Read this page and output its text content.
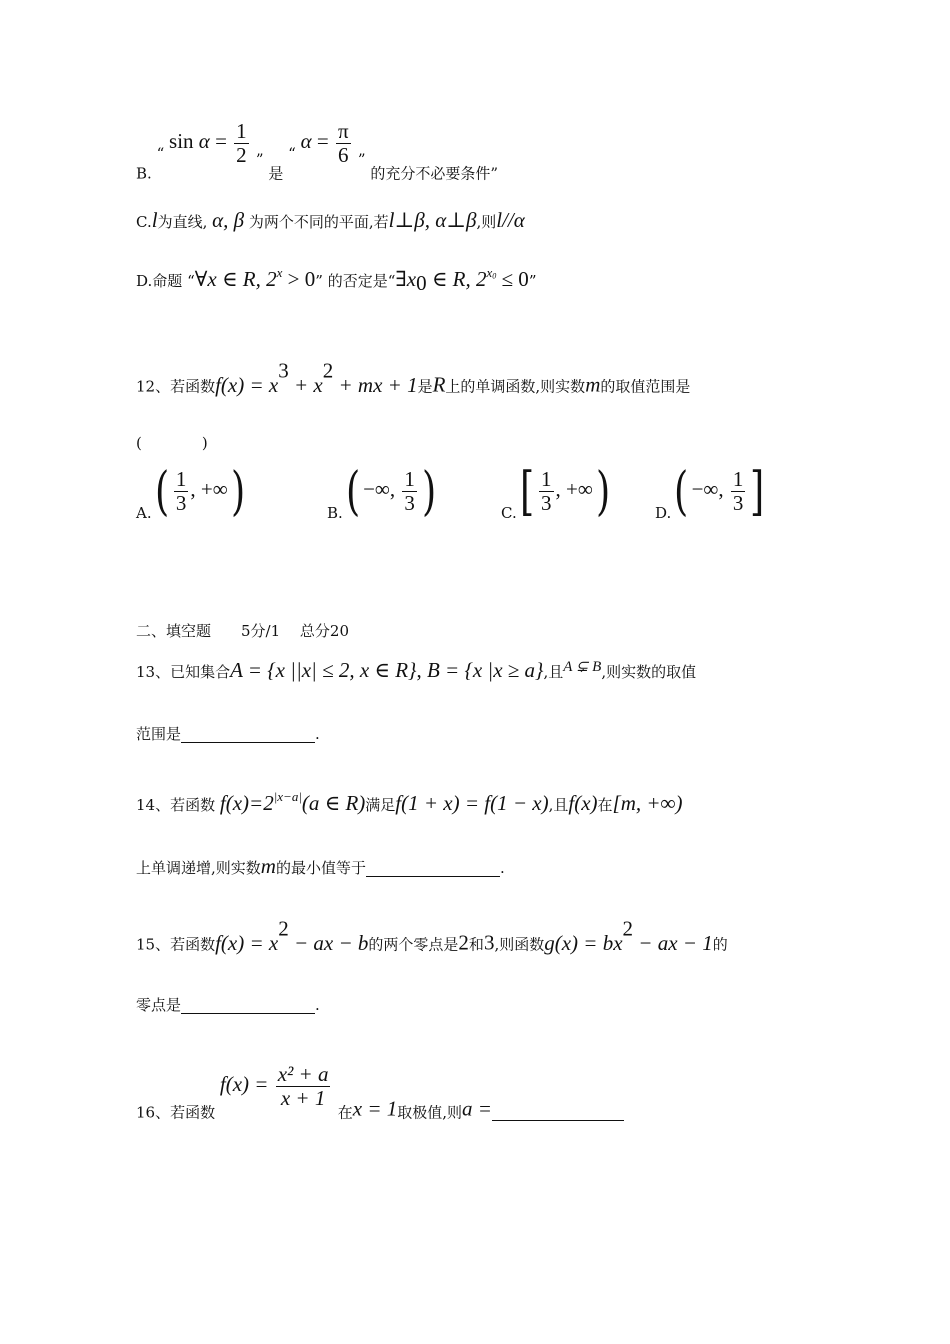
B. “ $\sin \alpha = \frac{1}{2}$ ” 是 “ $\alpha = \frac{\pi}{6}$ ” 的充分不必要条件”
C.l为直线, α, β 为两个不同的平面,若l⊥β, α⊥β,则l//α
D.命题 “∀x ∈ R, $2^x > 0$” 的否定是“$\exists x_0$ ∈ R, $2^{x_0} \le 0$”
12、若函数$f(x) = x^3 + x^2$ + mx + 1是R上的单调函数,则实数m的取值范围是
(　　　　)
$A.( \frac{1}{3}$ , +∞)	B.( −∞, $\frac{1}{3}$ )	$C.[ \frac{1}{3}$ , +∞)	D.( −∞, $\frac{1}{3}$ ]
二、填空题　　5分/1　 总分20
13、已知集合A = {x ||x| ≤ 2, x ∈ R}, B = {x |x ≥ a},且A ⊊ B,则实数的取值
范围是	.
14、若函数 $f(x)=2^{|x-a|}(a$ ∈ R)满足f(1 + x) = f(1 − x),且f(x)在[m, +∞)
上单调递增,则实数m的最小值等于	.
15、若函数$f(x) = x^2$ − ax − b的两个零点是2和3,则函数$g(x) = bx^2$ − ax − 1的
零点是	.
16、若函数 $f(x) = \frac{\text{x² + a}}{x + 1}$
在x = 1取极值,则a =
